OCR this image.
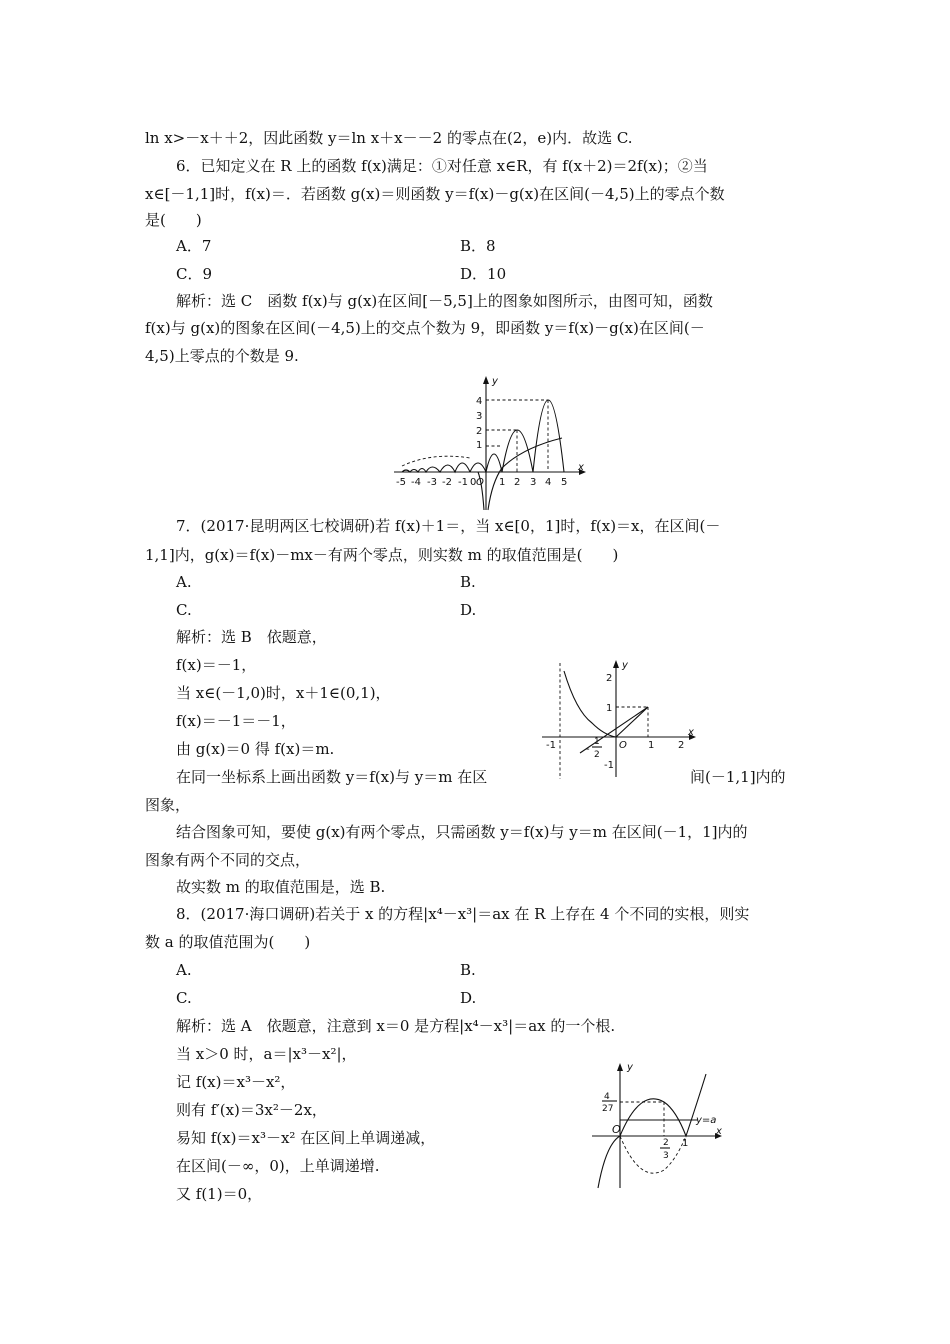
ln x>－x＋＋2，因此函数 y＝ln x＋x－－2 的零点在(2，e)内．故选 C.
6．已知定义在 R 上的函数 f(x)满足：①对任意 x∈R，有 f(x＋2)＝2f(x)；②当
x∈[－1,1]时，f(x)＝．若函数 g(x)＝则函数 y＝f(x)－g(x)在区间(－4,5)上的零点个数
是(　　)
A．7	B．8
C．9	D．10
解析：选 C　函数 f(x)与 g(x)在区间[－5,5]上的图象如图所示，由图可知，函数
f(x)与 g(x)的图象在区间(－4,5)上的交点个数为 9，即函数 y＝f(x)－g(x)在区间(－
4,5)上零点的个数是 9.
y
x
1
2
3
4
-5 -4 -3 -2 -1 0 O 1 2 3 4 5
7．(2017·昆明两区七校调研)若 f(x)＋1＝，当 x∈[0，1]时，f(x)＝x，在区间(－
1,1]内，g(x)＝f(x)－mx－有两个零点，则实数 m 的取值范围是(　　)
A.	B.
C.	D.
解析：选 B　依题意，
f(x)＝－1，
当 x∈(－1,0)时，x＋1∈(0,1)，
f(x)＝－1＝－1，
由 g(x)＝0 得 f(x)＝m.
在同一坐标系上画出函数 y＝f(x)与 y＝m 在区	间(－1,1]内的
图象，
结合图象可知，要使 g(x)有两个零点，只需函数 y＝f(x)与 y＝m 在区间(－1，1]内的
图象有两个不同的交点，
故实数 m 的取值范围是，选 B.
y
x
O
-1	1 2
-
1
2
2
1
-1
8．(2017·海口调研)若关于 x 的方程|x⁴－x³|＝ax 在 R 上存在 4 个不同的实根，则实
数 a 的取值范围为(　　)
A.	B.
C.	D.
解析：选 A　依题意，注意到 x＝0 是方程|x⁴－x³|＝ax 的一个根.
当 x＞0 时，a＝|x³－x²|，
记 f(x)＝x³－x²，
则有 f′(x)＝3x²－2x，
易知 f(x)＝x³－x² 在区间上单调递减，
在区间(－∞，0)，上单调递增.
又 f(1)＝0，
y
x
O
4
27
2
3
1
y=a
